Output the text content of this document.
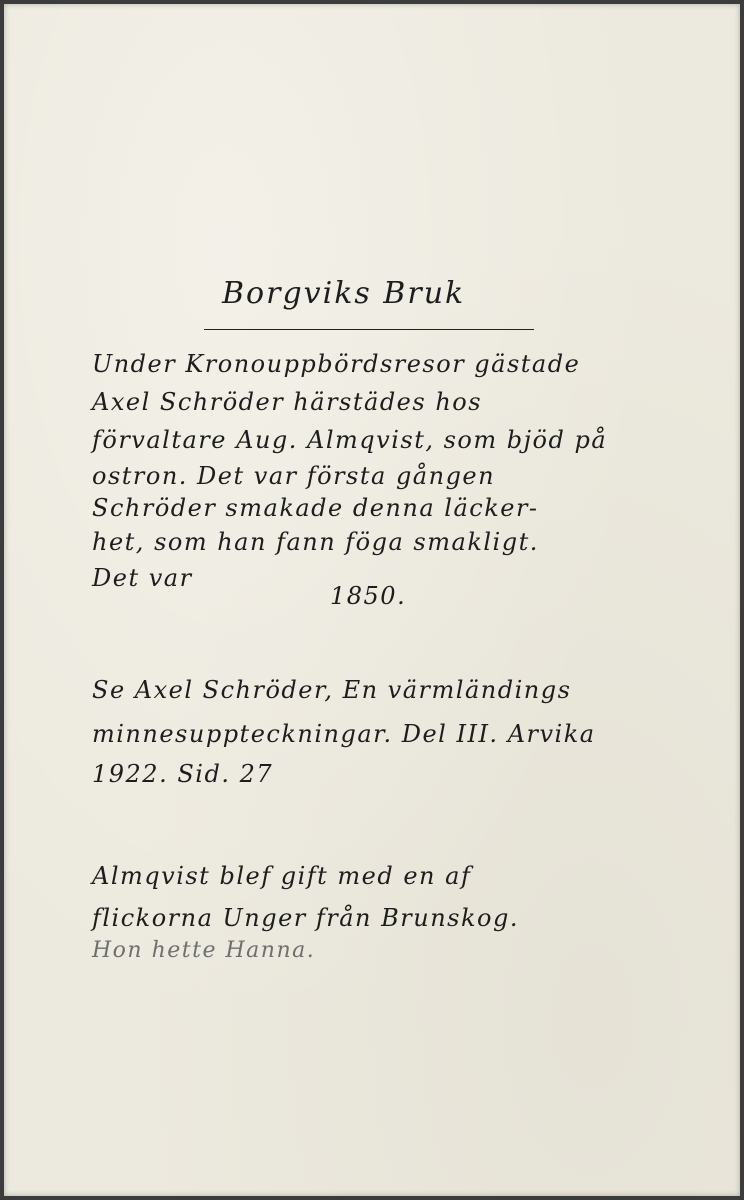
Borgviks Bruk
Under Kronouppbördsresor gästade
Axel Schröder härstädes hos
förvaltare Aug. Almqvist, som bjöd på
ostron. Det var första gången
Schröder smakade denna läcker-
het, som han fann föga smakligt.
Det var
1850.
Se Axel Schröder, En värmländings
minnesuppteckningar. Del III. Arvika
1922. Sid. 27
Almqvist blef gift med en af
flickorna Unger från Brunskog.
Hon hette Hanna.
